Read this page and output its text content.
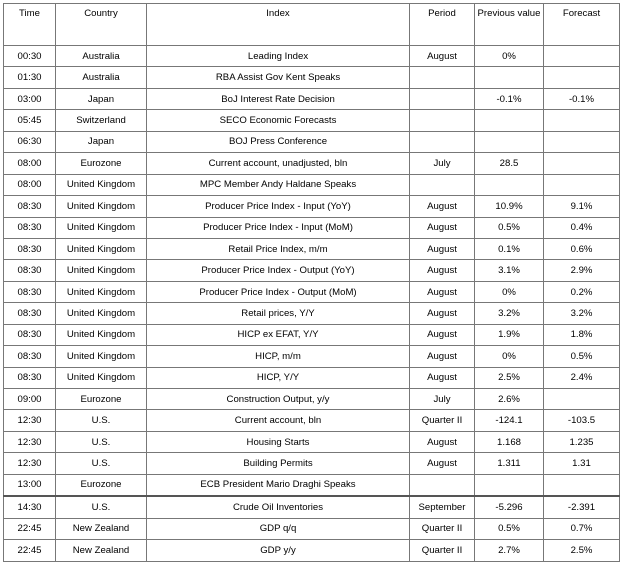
Time	Country	Index	Period	Previous value	Forecast
00:30	Australia	Leading Index	August	0%	
01:30	Australia	RBA Assist Gov Kent Speaks			
03:00	Japan	BoJ Interest Rate Decision		-0.1%	-0.1%
05:45	Switzerland	SECO Economic Forecasts			
06:30	Japan	BOJ Press Conference			
08:00	Eurozone	Current account, unadjusted, bln	July	28.5	
08:00	United Kingdom	MPC Member Andy Haldane Speaks			
08:30	United Kingdom	Producer Price Index - Input (YoY)	August	10.9%	9.1%
08:30	United Kingdom	Producer Price Index - Input (MoM)	August	0.5%	0.4%
08:30	United Kingdom	Retail Price Index, m/m	August	0.1%	0.6%
08:30	United Kingdom	Producer Price Index - Output (YoY)	August	3.1%	2.9%
08:30	United Kingdom	Producer Price Index - Output (MoM)	August	0%	0.2%
08:30	United Kingdom	Retail prices, Y/Y	August	3.2%	3.2%
08:30	United Kingdom	HICP ex EFAT, Y/Y	August	1.9%	1.8%
08:30	United Kingdom	HICP, m/m	August	0%	0.5%
08:30	United Kingdom	HICP, Y/Y	August	2.5%	2.4%
09:00	Eurozone	Construction Output, y/y	July	2.6%	
12:30	U.S.	Current account, bln	Quarter II	-124.1	-103.5
12:30	U.S.	Housing Starts	August	1.168	1.235
12:30	U.S.	Building Permits	August	1.311	1.31
13:00	Eurozone	ECB President Mario Draghi Speaks			
14:30	U.S.	Crude Oil Inventories	September	-5.296	-2.391
22:45	New Zealand	GDP q/q	Quarter II	0.5%	0.7%
22:45	New Zealand	GDP y/y	Quarter II	2.7%	2.5%
